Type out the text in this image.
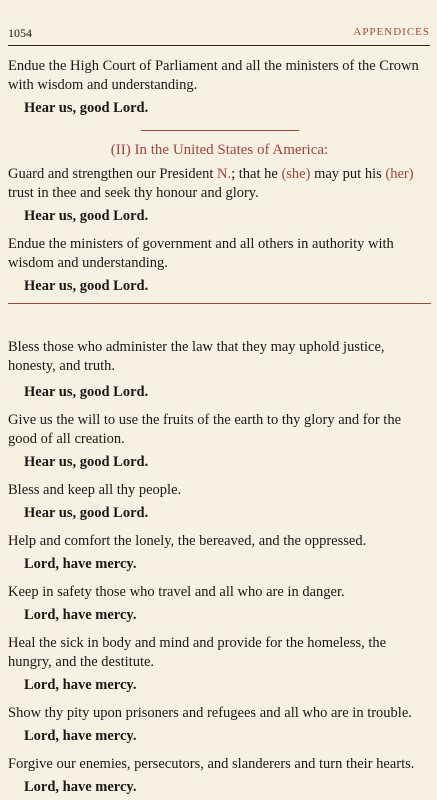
1054	APPENDICES

Endue the High Court of Parliament and all the ministers of the Crown with wisdom and understanding.

Hear us, good Lord.

(II) In the United States of America:

Guard and strengthen our President N.; that he (she) may put his (her) trust in thee and seek thy honour and glory.

Hear us, good Lord.

Endue the ministers of government and all others in authority with wisdom and understanding.

Hear us, good Lord.

Bless those who administer the law that they may uphold justice, honesty, and truth.

Hear us, good Lord.

Give us the will to use the fruits of the earth to thy glory and for the good of all creation.

Hear us, good Lord.

Bless and keep all thy people.

Hear us, good Lord.

Help and comfort the lonely, the bereaved, and the oppressed.

Lord, have mercy.

Keep in safety those who travel and all who are in danger.

Lord, have mercy.

Heal the sick in body and mind and provide for the homeless, the hungry, and the destitute.

Lord, have mercy.

Show thy pity upon prisoners and refugees and all who are in trouble.

Lord, have mercy.

Forgive our enemies, persecutors, and slanderers and turn their hearts.

Lord, have mercy.
